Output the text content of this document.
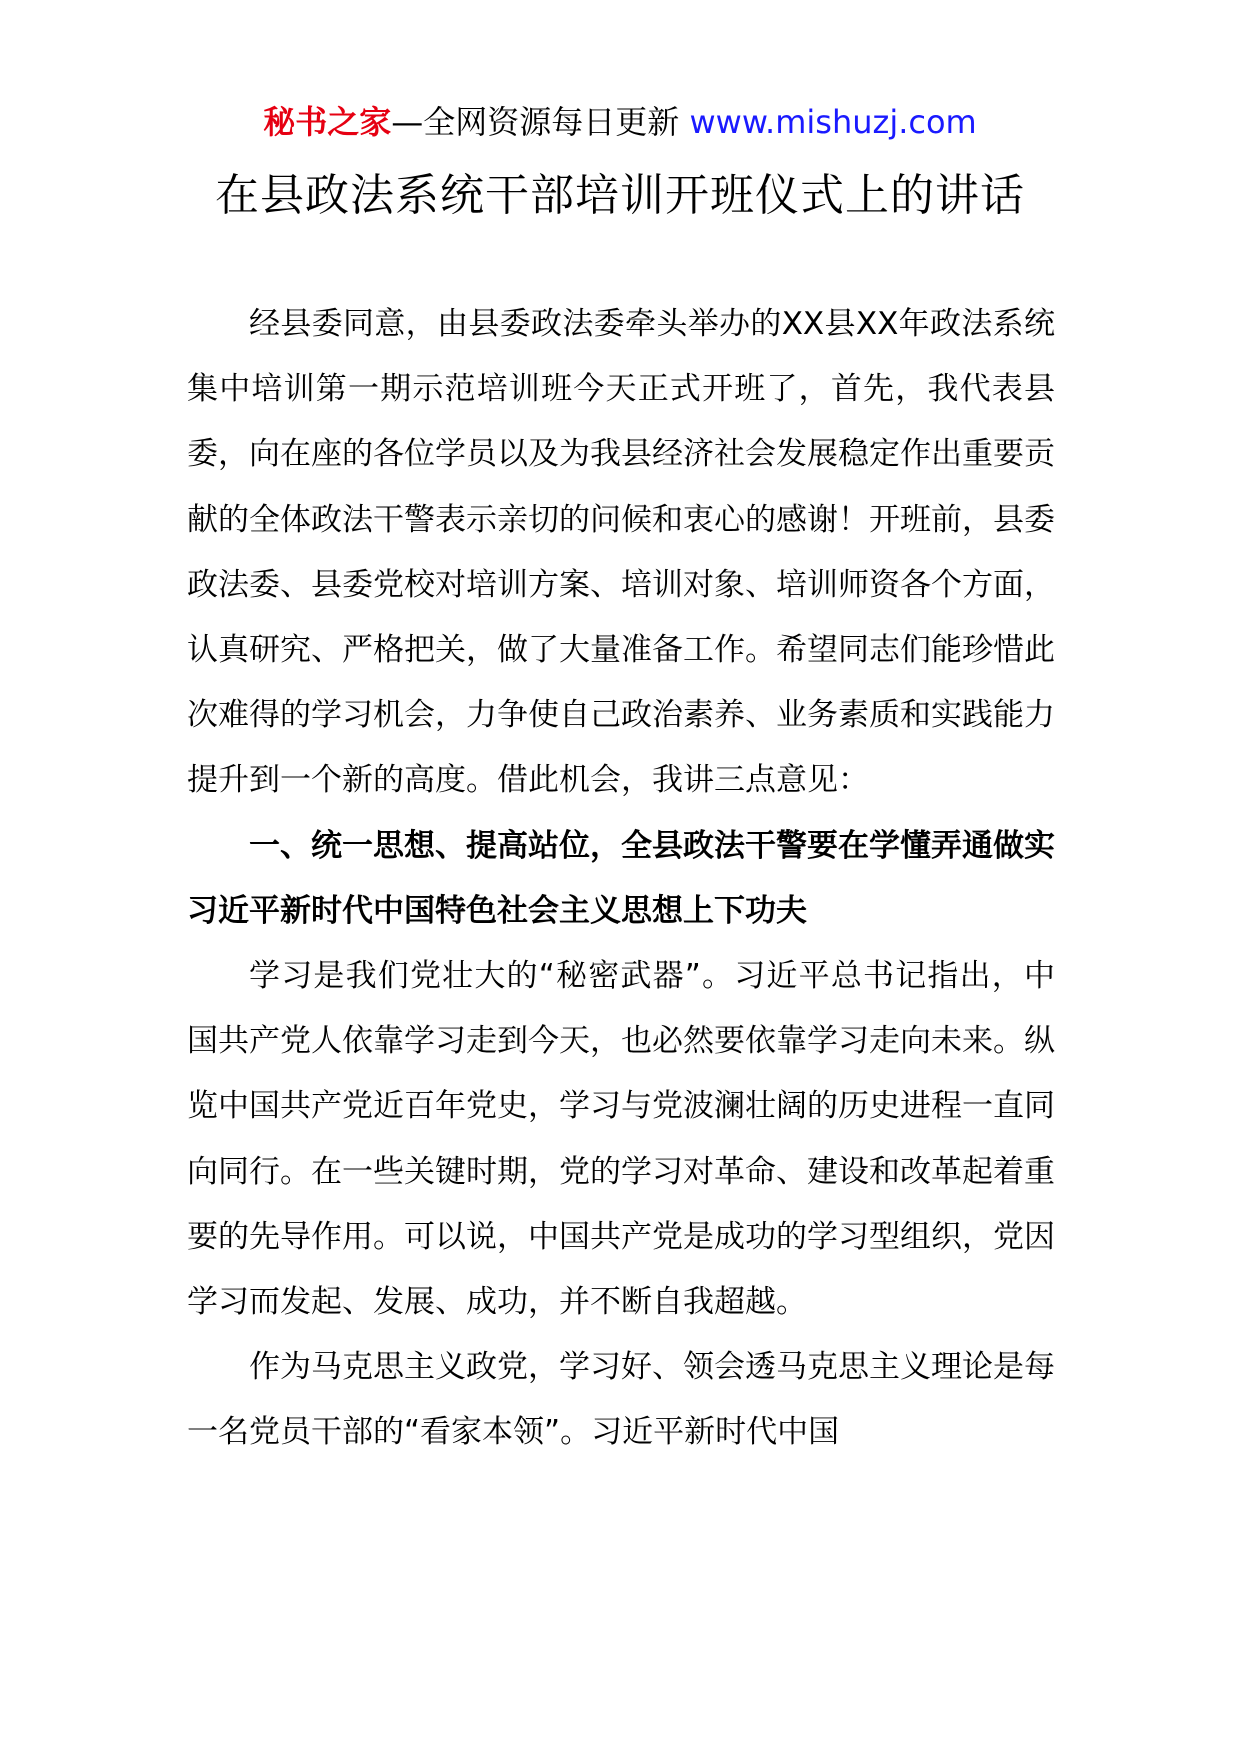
秘书之家—全网资源每日更新 www.mishuzj.com
在县政法系统干部培训开班仪式上的讲话

经县委同意，由县委政法委牵头举办的XX县XX年政法系统集中培训第一期示范培训班今天正式开班了，首先，我代表县委，向在座的各位学员以及为我县经济社会发展稳定作出重要贡献的全体政法干警表示亲切的问候和衷心的感谢！开班前，县委政法委、县委党校对培训方案、培训对象、培训师资各个方面，认真研究、严格把关，做了大量准备工作。希望同志们能珍惜此次难得的学习机会，力争使自己政治素养、业务素质和实践能力提升到一个新的高度。借此机会，我讲三点意见：

一、统一思想、提高站位，全县政法干警要在学懂弄通做实习近平新时代中国特色社会主义思想上下功夫

学习是我们党壮大的“秘密武器”。习近平总书记指出，中国共产党人依靠学习走到今天，也必然要依靠学习走向未来。纵览中国共产党近百年党史，学习与党波澜壮阔的历史进程一直同向同行。在一些关键时期，党的学习对革命、建设和改革起着重要的先导作用。可以说，中国共产党是成功的学习型组织，党因学习而发起、发展、成功，并不断自我超越。

作为马克思主义政党，学习好、领会透马克思主义理论是每一名党员干部的“看家本领”。习近平新时代中国
